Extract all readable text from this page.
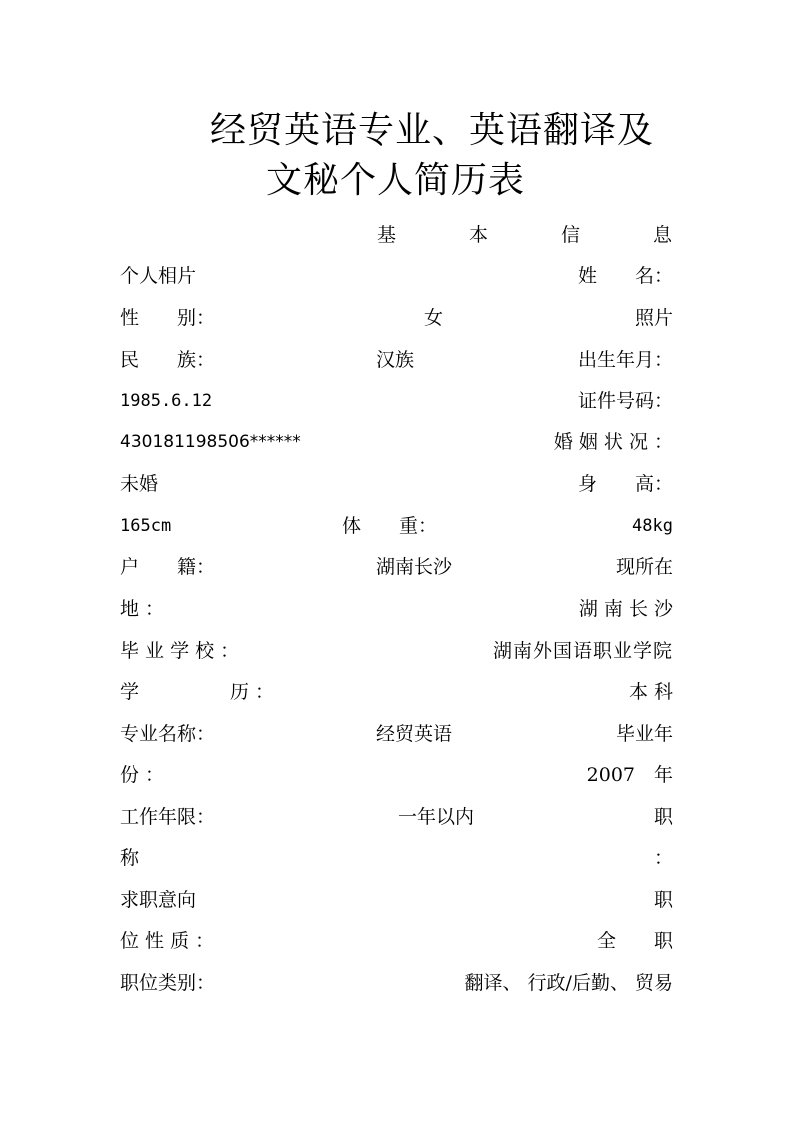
经贸英语专业、英语翻译及
文秘个人简历表
基	本	信	息
个人相片	姓　　名：
性　　别：	女	照片
民　　族：	汉族	出生年月：
1985.6.12	证件号码：
430181198506******	婚 姻 状 况 ：
未婚	身　　高：
165cm	体　　重：	48kg
户　　籍：	湖南长沙	现所在
地 ：	湖 南 长 沙
毕 业 学 校 ：	湖南外国语职业学院
学	历 ：	本 科
专业名称：	经贸英语	毕业年
份 ：	2007　年
工作年限：	一年以内	职
称	：
求职意向	职
位 性 质 ：	全　　职
职位类别：	翻译、 行政/后勤、 贸易
